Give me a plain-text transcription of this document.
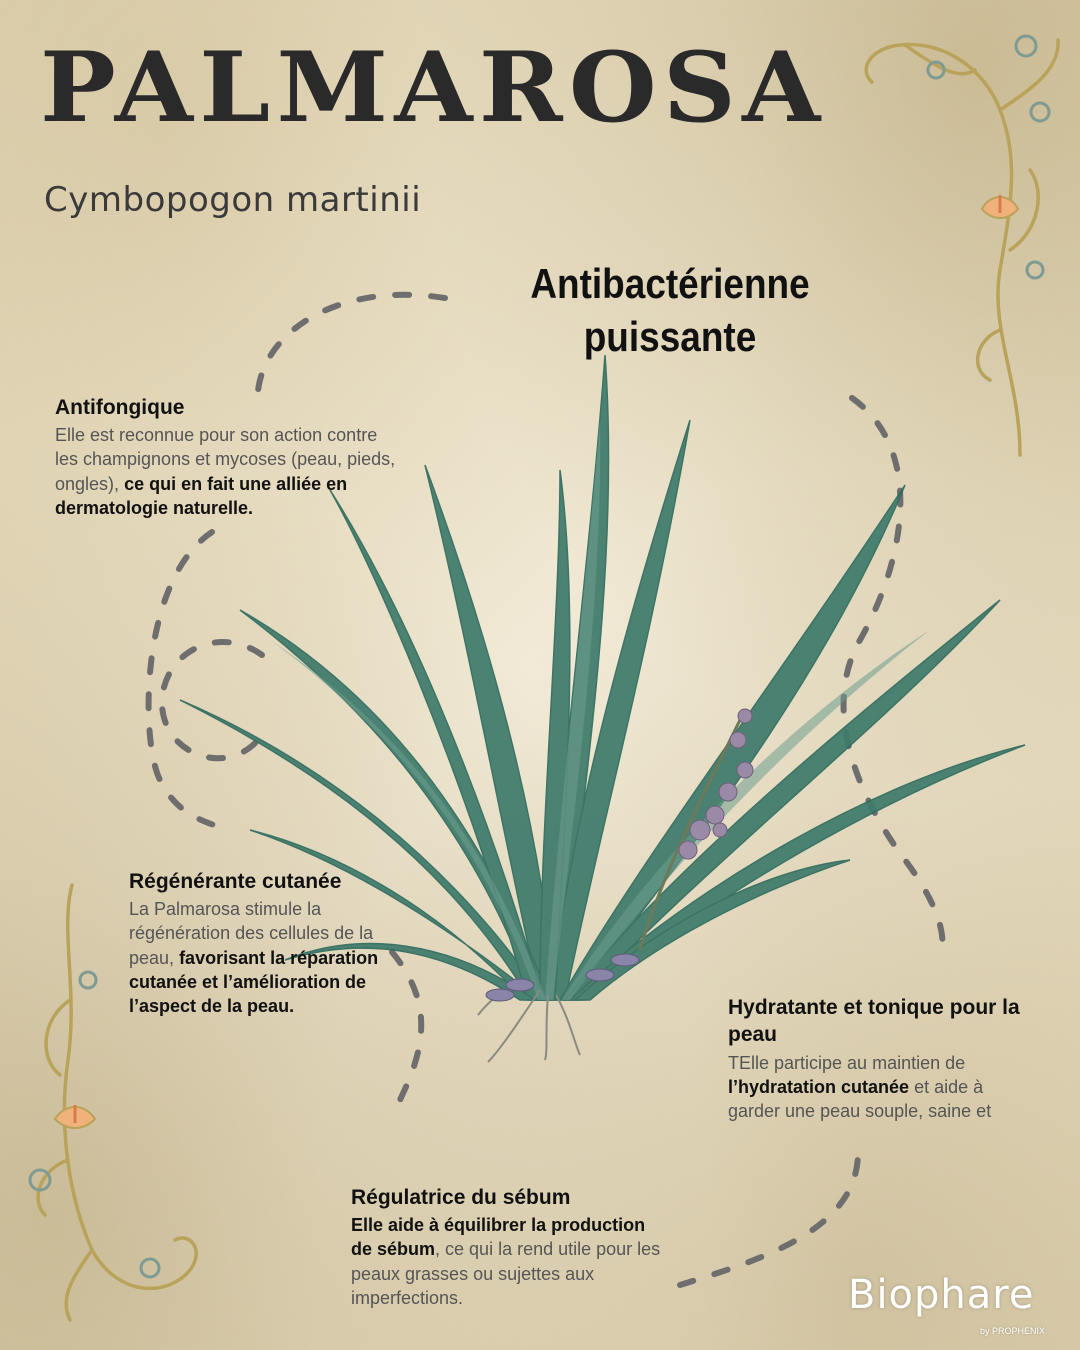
PALMAROSA
Cymbopogon martinii
Antibactérienne puissante
Antifongique

Elle est reconnue pour son action contre les champignons et mycoses (peau, pieds, ongles), ce qui en fait une alliée en dermatologie naturelle.

Régénérante cutanée

La Palmarosa stimule la régénération des cellules de la peau, favorisant la réparation cutanée et l’amélioration de l’aspect de la peau.	Hydratante et tonique pour la peau

TElle participe au maintien de l’hydratation cutanée et aide à garder une peau souple, saine et

Régulatrice du sébum

Elle aide à équilibrer la production de sébum, ce qui la rend utile pour les peaux grasses ou sujettes aux imperfections.	Biophare
by PROPHENIX
